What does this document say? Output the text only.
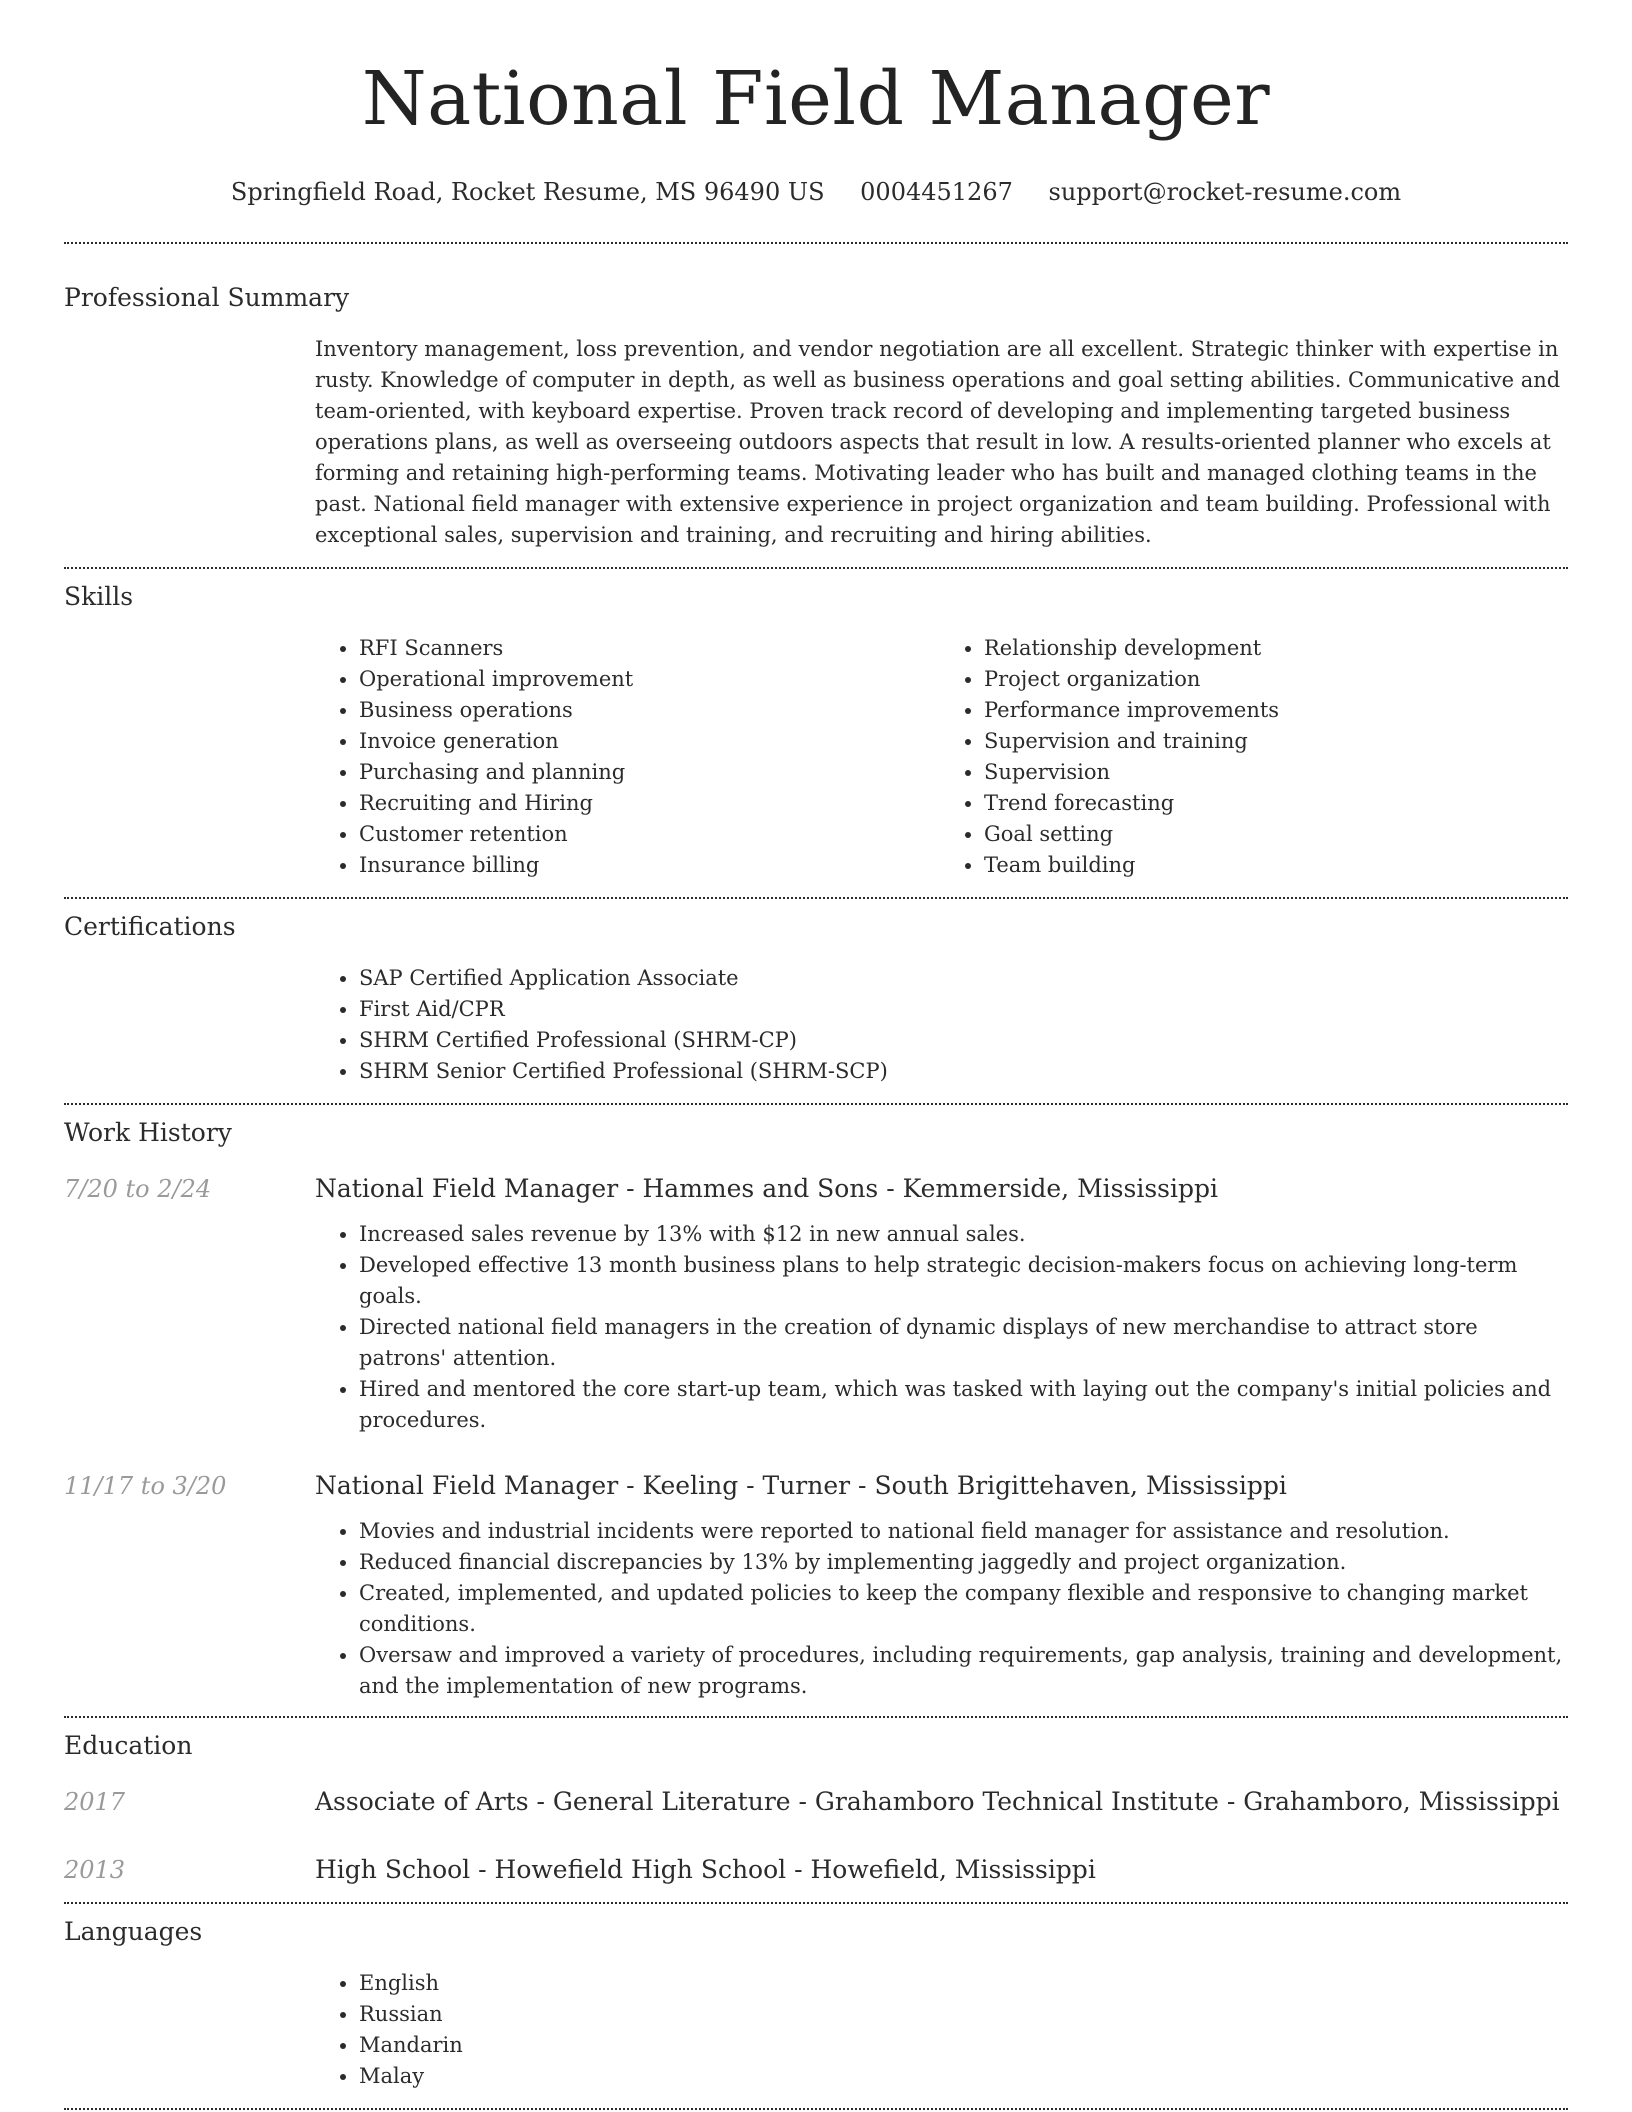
National Field Manager
Springfield Road, Rocket Resume, MS 96490 US 0004451267 support@rocket-resume.com
Professional Summary
Inventory management, loss prevention, and vendor negotiation are all excellent. Strategic thinker with expertise in rusty. Knowledge of computer in depth, as well as business operations and goal setting abilities. Communicative and team-oriented, with keyboard expertise. Proven track record of developing and implementing targeted business operations plans, as well as overseeing outdoors aspects that result in low. A results-oriented planner who excels at forming and retaining high-performing teams. Motivating leader who has built and managed clothing teams in the past. National field manager with extensive experience in project organization and team building. Professional with exceptional sales, supervision and training, and recruiting and hiring abilities.
Skills
• RFI Scanners
• Operational improvement
• Business operations
• Invoice generation
• Purchasing and planning
• Recruiting and Hiring
• Customer retention
• Insurance billing
• Relationship development
• Project organization
• Performance improvements
• Supervision and training
• Supervision
• Trend forecasting
• Goal setting
• Team building
Certifications
• SAP Certified Application Associate
• First Aid/CPR
• SHRM Certified Professional (SHRM-CP)
• SHRM Senior Certified Professional (SHRM-SCP)
Work History
7/20 to 2/24	National Field Manager - Hammes and Sons - Kemmerside, Mississippi
• Increased sales revenue by 13% with $12 in new annual sales.
• Developed effective 13 month business plans to help strategic decision-makers focus on achieving long-term goals.
• Directed national field managers in the creation of dynamic displays of new merchandise to attract store patrons' attention.
• Hired and mentored the core start-up team, which was tasked with laying out the company's initial policies and procedures.
11/17 to 3/20	National Field Manager - Keeling - Turner - South Brigittehaven, Mississippi
• Movies and industrial incidents were reported to national field manager for assistance and resolution.
• Reduced financial discrepancies by 13% by implementing jaggedly and project organization.
• Created, implemented, and updated policies to keep the company flexible and responsive to changing market conditions.
• Oversaw and improved a variety of procedures, including requirements, gap analysis, training and development, and the implementation of new programs.
Education
2017	Associate of Arts - General Literature - Grahamboro Technical Institute - Grahamboro, Mississippi
2013	High School - Howefield High School - Howefield, Mississippi
Languages
• English
• Russian
• Mandarin
• Malay
